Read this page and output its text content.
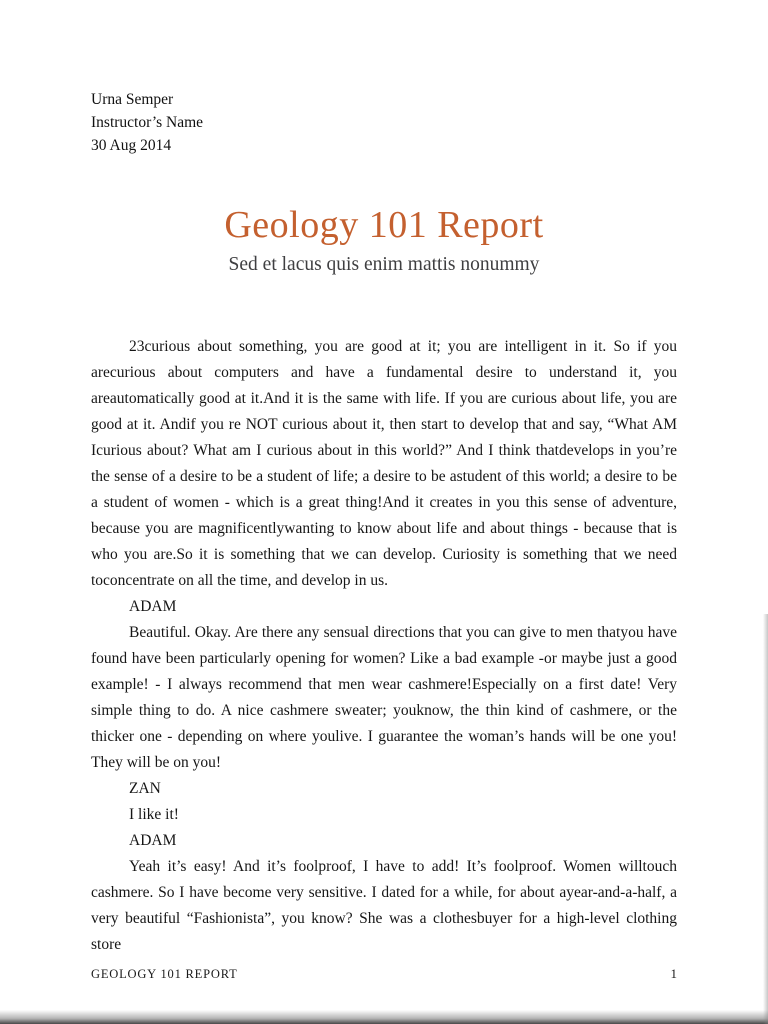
Urna Semper

Instructor’s Name

30 Aug 2014

Geology 101 Report
Sed et lacus quis enim mattis nonummy

23curious about something, you are good at it; you are intelligent in it. So if you arecurious about computers and have a fundamental desire to understand it, you areautomatically good at it.And it is the same with life. If you are curious about life, you are good at it. Andif you re NOT curious about it, then start to develop that and say, “What AM Icurious about? What am I curious about in this world?” And I think thatdevelops in you’re the sense of a desire to be a student of life; a desire to be astudent of this world; a desire to be a student of women - which is a great thing!And it creates in you this sense of adventure, because you are magnificentlywanting to know about life and about things - because that is who you are.So it is something that we can develop. Curiosity is something that we need toconcentrate on all the time, and develop in us.

ADAM

Beautiful. Okay. Are there any sensual directions that you can give to men thatyou have found have been particularly opening for women? Like a bad example -or maybe just a good example! - I always recommend that men wear cashmere!Especially on a first date! Very simple thing to do. A nice cashmere sweater; youknow, the thin kind of cashmere, or the thicker one - depending on where youlive. I guarantee the woman’s hands will be one you! They will be on you!

ZAN

I like it!

ADAM

Yeah it’s easy! And it’s foolproof, I have to add! It’s foolproof. Women willtouch cashmere. So I have become very sensitive. I dated for a while, for about ayear-and-a-half, a very beautiful “Fashionista”, you know? She was a clothesbuyer for a high-level clothing store

GEOLOGY 101 REPORT	1
